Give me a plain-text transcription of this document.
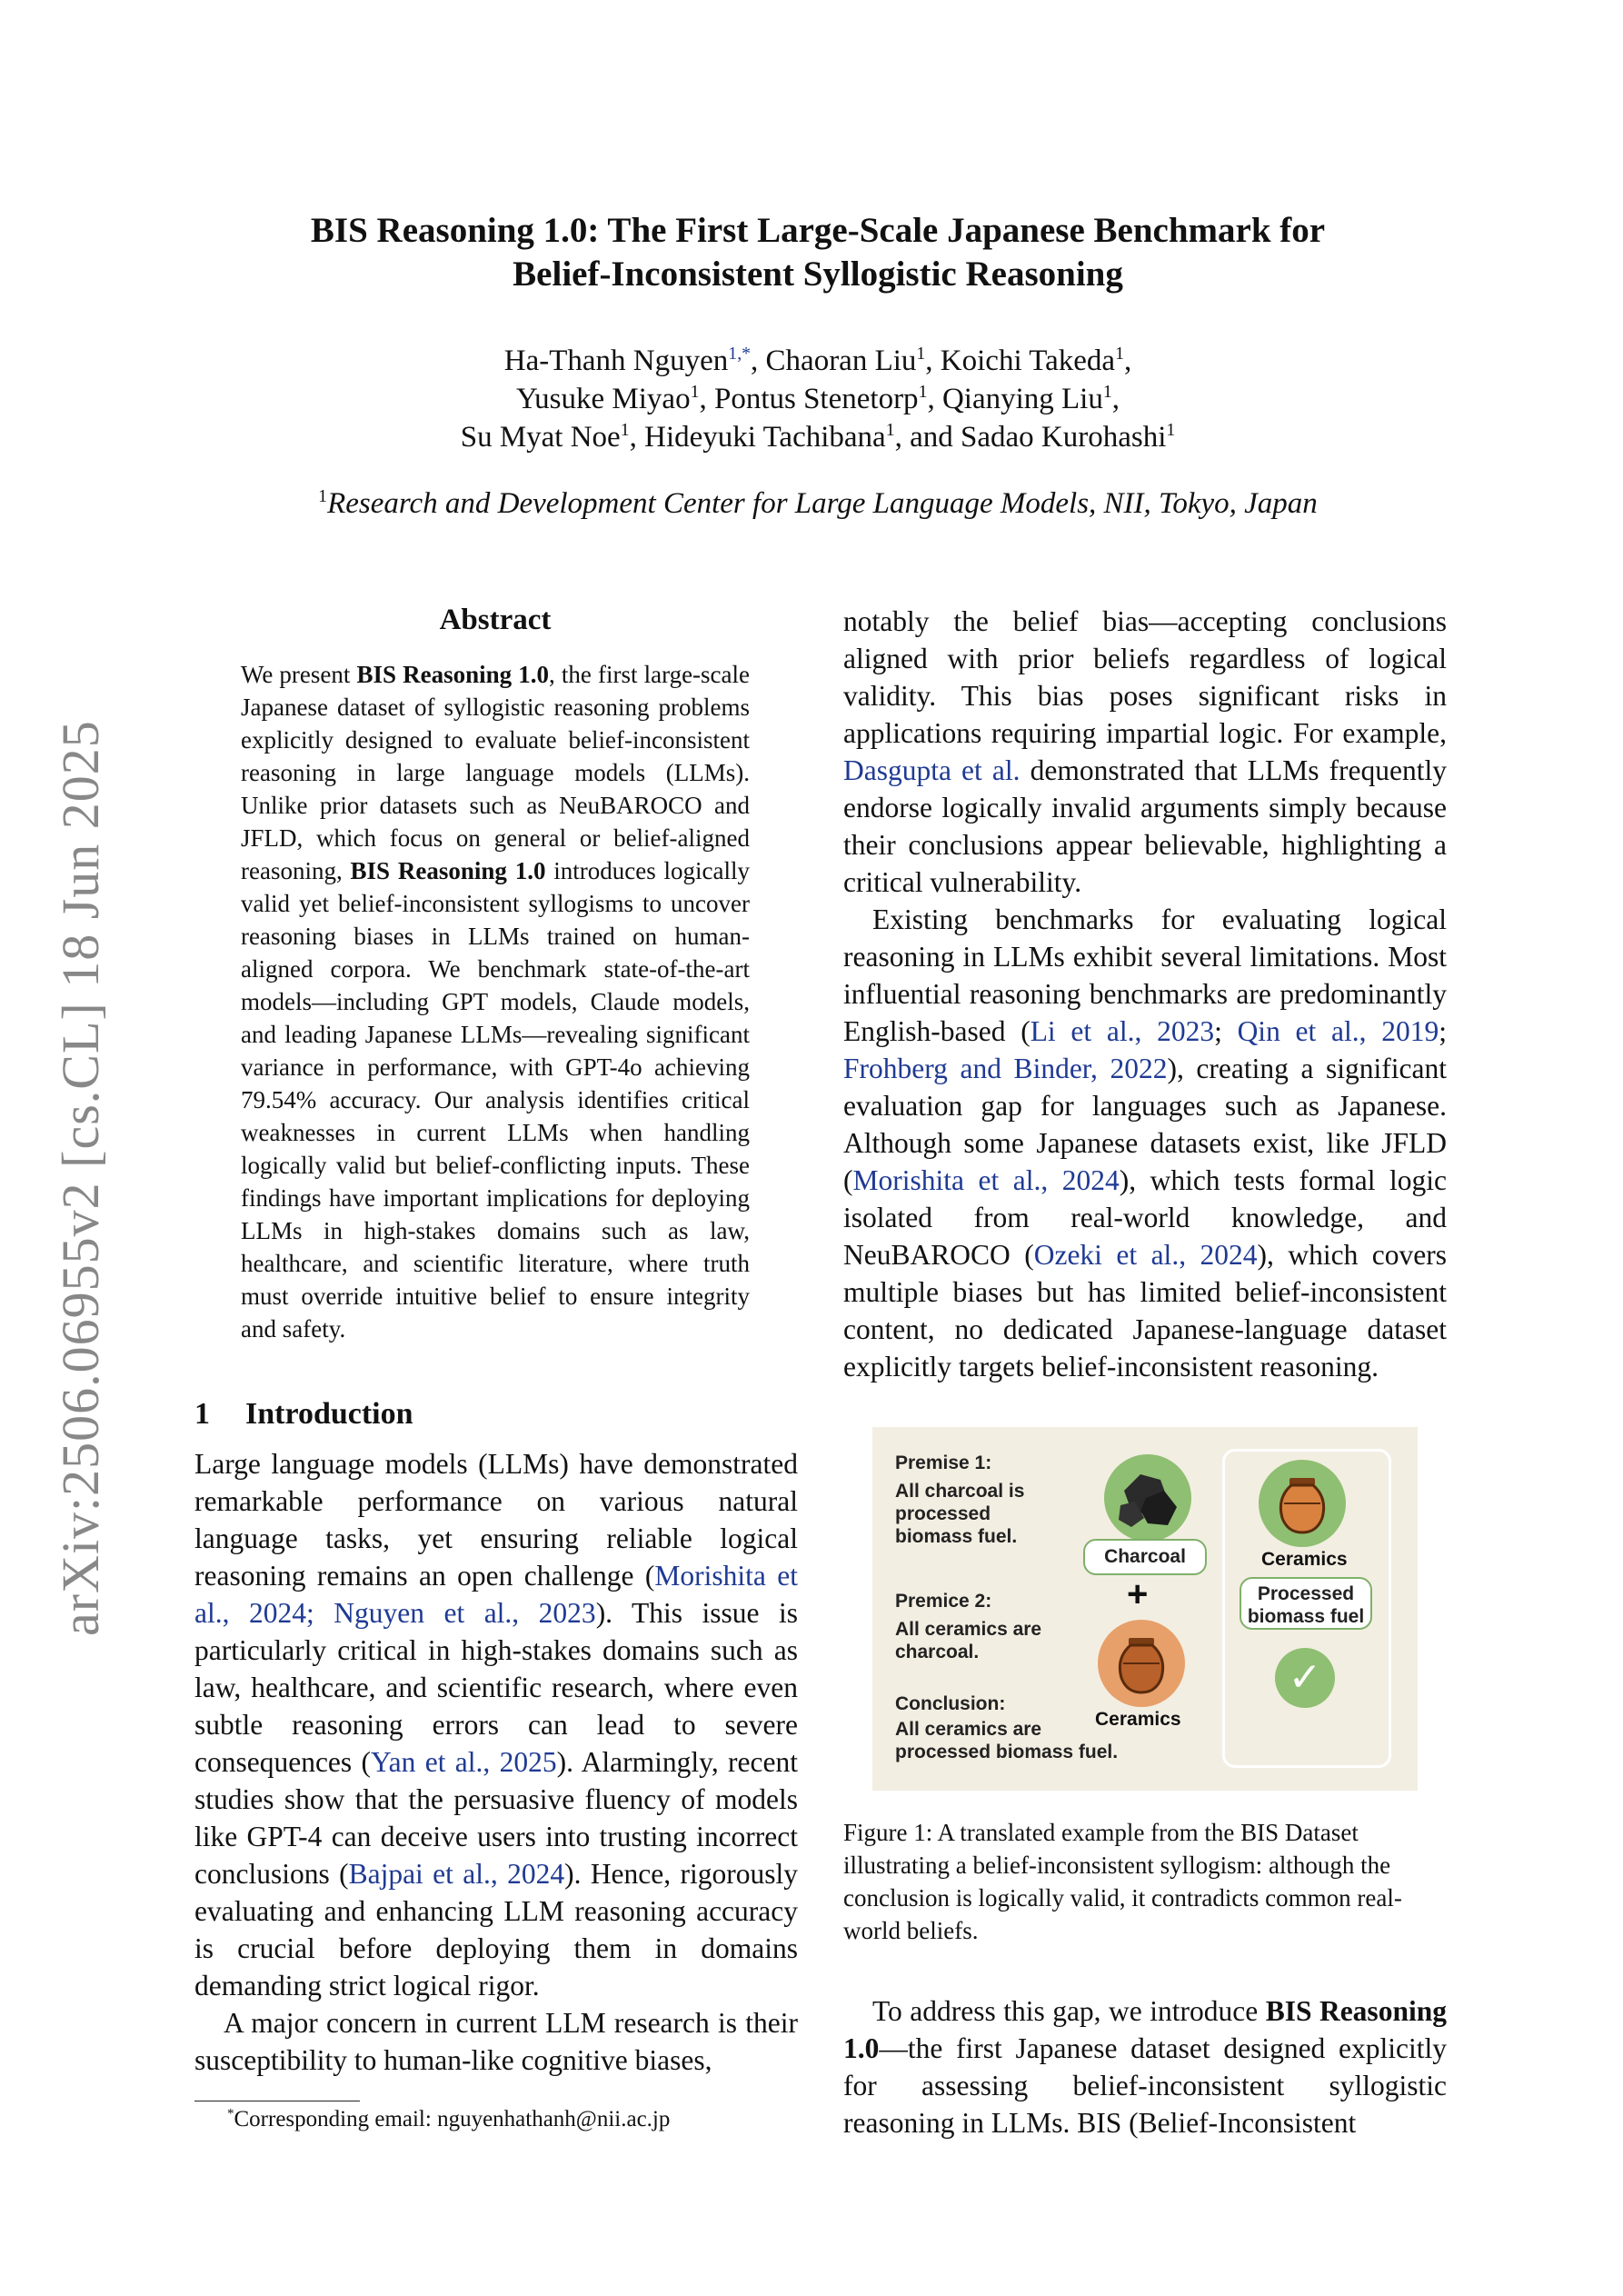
arXiv:2506.06955v2 [cs.CL] 18 Jun 2025
BIS Reasoning 1.0: The First Large-Scale Japanese Benchmark for
Belief-Inconsistent Syllogistic Reasoning
Ha-Thanh Nguyen$^{1,*}$, Chaoran Liu$^1$, Koichi Takeda$^1$,
Yusuke Miyao$^1$, Pontus Stenetorp$^1$, Qianying Liu$^1$,
Su Myat Noe$^1$, Hideyuki Tachibana$^1$, and Sadao Kurohashi$^1$
$^1$Research and Development Center for Large Language Models, NII, Tokyo, Japan
Abstract
We present BIS Reasoning 1.0, the first large-scale Japanese dataset of syllogistic reasoning problems explicitly designed to evaluate belief-inconsistent reasoning in large language models (LLMs). Unlike prior datasets such as NeuBAROCO and JFLD, which focus on general or belief-aligned reasoning, BIS Reasoning 1.0 introduces logically valid yet belief-inconsistent syllogisms to uncover reasoning biases in LLMs trained on human-aligned corpora. We benchmark state-of-the-art models—including GPT models, Claude models, and leading Japanese LLMs—revealing significant variance in performance, with GPT-4o achieving 79.54% accuracy. Our analysis identifies critical weaknesses in current LLMs when handling logically valid but belief-conflicting inputs. These findings have important implications for deploying LLMs in high-stakes domains such as law, healthcare, and scientific literature, where truth must override intuitive belief to ensure integrity and safety.
1 Introduction

Large language models (LLMs) have demonstrated remarkable performance on various natural language tasks, yet ensuring reliable logical reasoning remains an open challenge (Morishita et al., 2024; Nguyen et al., 2023). This issue is particularly critical in high-stakes domains such as law, healthcare, and scientific research, where even subtle reasoning errors can lead to severe consequences (Yan et al., 2025). Alarmingly, recent studies show that the persuasive fluency of models like GPT-4 can deceive users into trusting incorrect conclusions (Bajpai et al., 2024). Hence, rigorously evaluating and enhancing LLM reasoning accuracy is crucial before deploying them in domains demanding strict logical rigor.

A major concern in current LLM research is their susceptibility to human-like cognitive biases,

*Corresponding email: nguyenhathanh@nii.ac.jp

notably the belief bias—accepting conclusions aligned with prior beliefs regardless of logical validity. This bias poses significant risks in applications requiring impartial logic. For example, Dasgupta et al. demonstrated that LLMs frequently endorse logically invalid arguments simply because their conclusions appear believable, highlighting a critical vulnerability.

Existing benchmarks for evaluating logical reasoning in LLMs exhibit several limitations. Most influential reasoning benchmarks are predominantly English-based (Li et al., 2023; Qin et al., 2019; Frohberg and Binder, 2022), creating a significant evaluation gap for languages such as Japanese. Although some Japanese datasets exist, like JFLD (Morishita et al., 2024), which tests formal logic isolated from real-world knowledge, and NeuBAROCO (Ozeki et al., 2024), which covers multiple biases but has limited belief-inconsistent content, no dedicated Japanese-language dataset explicitly targets belief-inconsistent reasoning.

Premise 1:
All charcoal is processed biomass fuel.
Premice 2:
All ceramics are charcoal.
Conclusion:
All ceramics are processed biomass fuel.
Charcoal
+
Ceramics
Ceramics
Processed biomass fuel
✓
Figure 1: A translated example from the BIS Dataset illustrating a belief-inconsistent syllogism: although the conclusion is logically valid, it contradicts common real-world beliefs.

To address this gap, we introduce BIS Reasoning 1.0—the first Japanese dataset designed explicitly for assessing belief-inconsistent syllogistic reasoning in LLMs. BIS (Belief-Inconsistent
